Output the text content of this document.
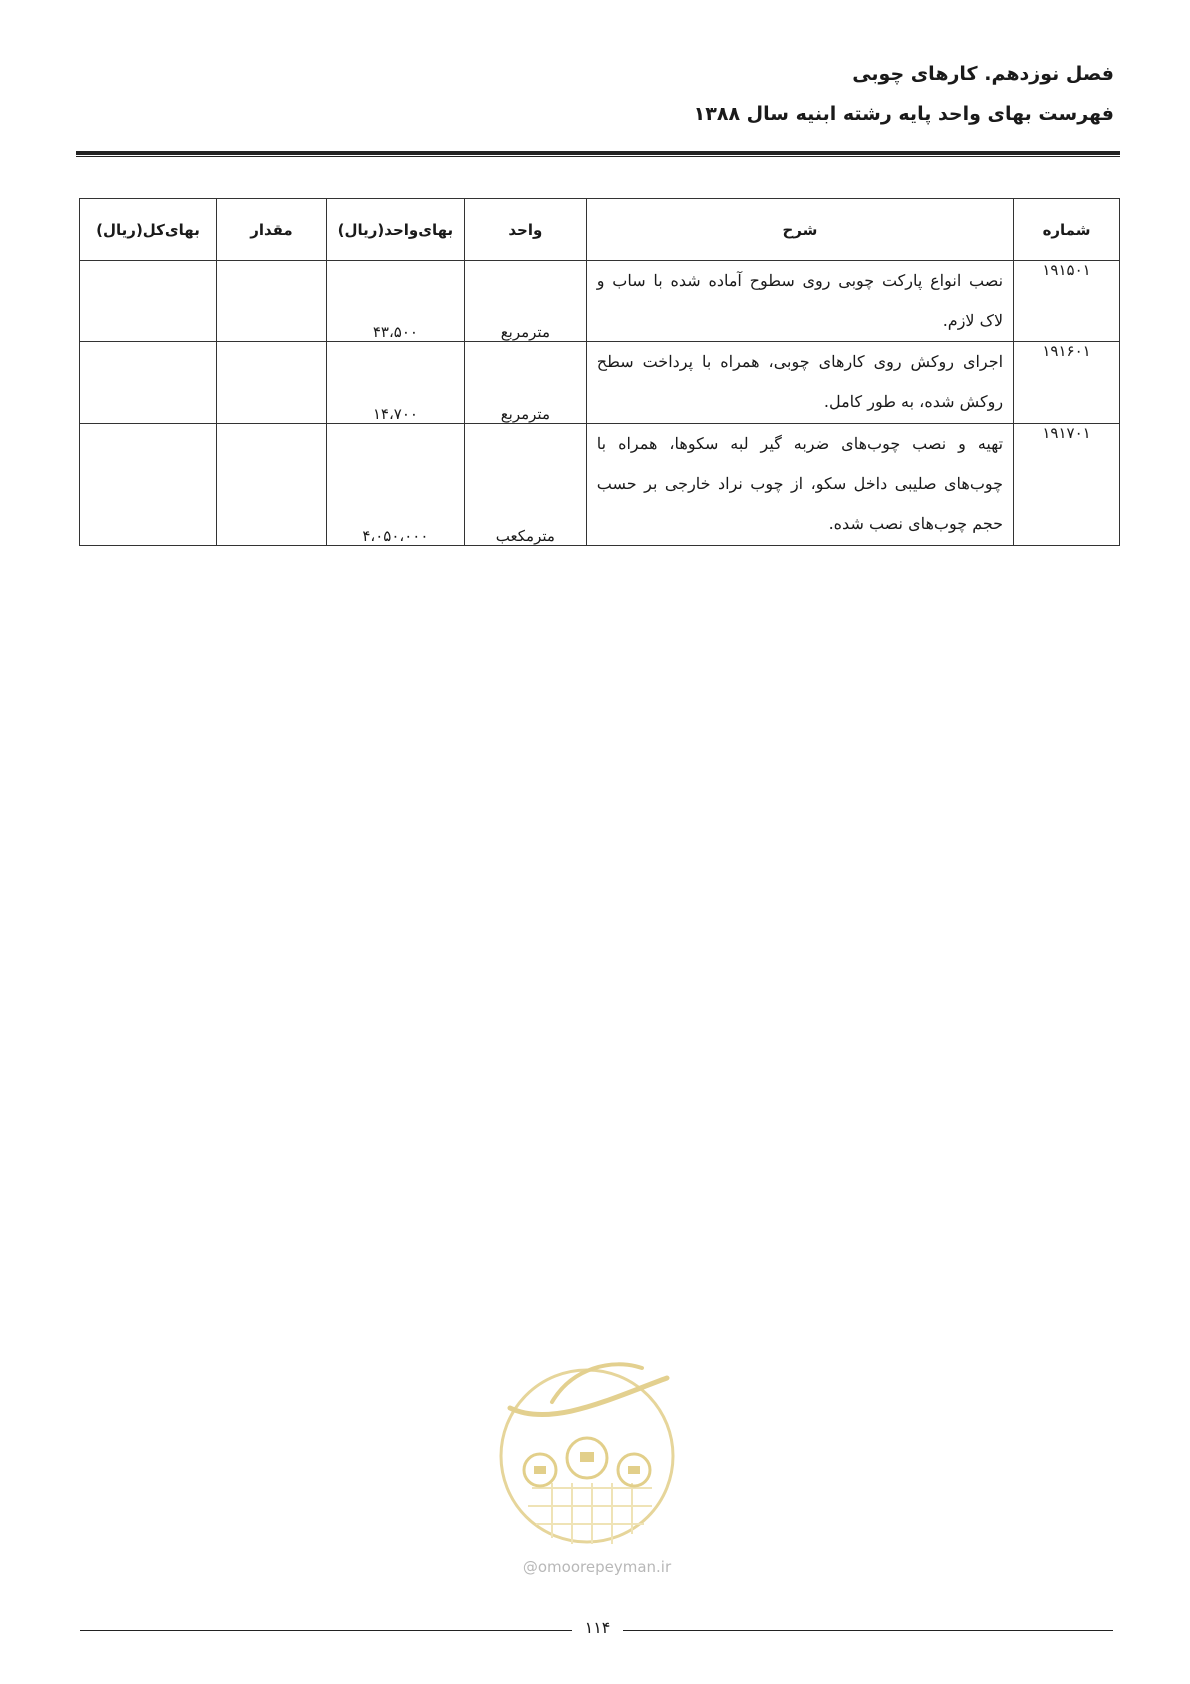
فصل نوزدهم. کارهای چوبی

فهرست بهای واحد پایه رشته ابنیه سال ۱۳۸۸

شماره	شرح	واحد	بهای‌واحد(ریال)	مقدار	بهای‌کل(ریال)
۱۹۱۵۰۱	نصب انواع پارکت چوبی روی سطوح آماده شده با ساب و لاک لازم.	مترمربع	۴۳،۵۰۰		
۱۹۱۶۰۱	اجرای روکش روی کارهای چوبی، همراه با پرداخت سطح روکش شده، به طور کامل.	مترمربع	۱۴،۷۰۰		
۱۹۱۷۰۱	تهیه و نصب چوب‌های ضربه گیر لبه سکوها، همراه با چوب‌های صلیبی داخل سکو، از چوب نراد خارجی بر حسب حجم چوب‌های نصب شده.	مترمکعب	۴،۰۵۰،۰۰۰		
@omoorepeyman.ir
۱۱۴
